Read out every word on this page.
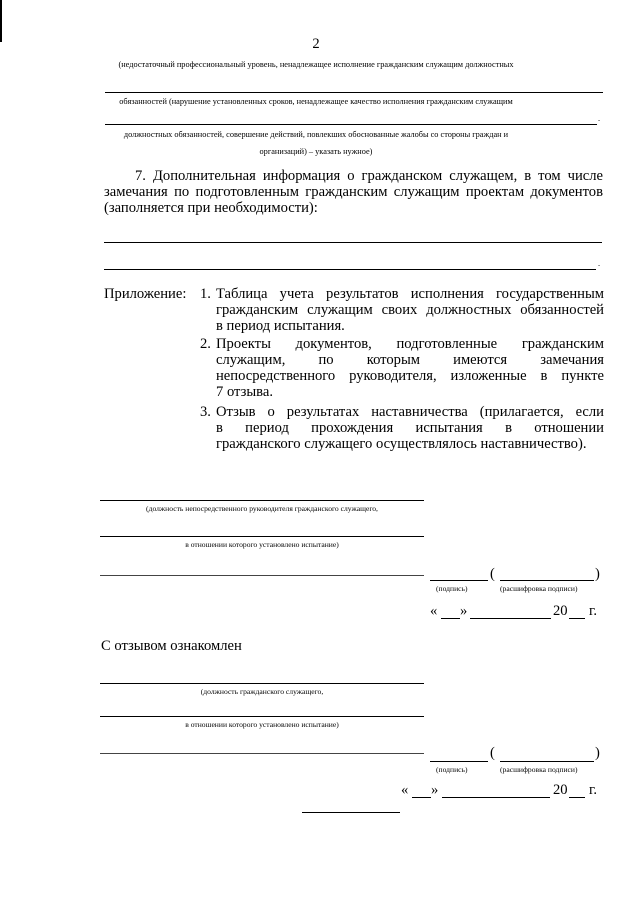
2
(недостаточный профессиональный уровень, ненадлежащее исполнение гражданским служащим должностных
обязанностей (нарушение установленных сроков, ненадлежащее качество исполнения гражданским служащим
.
должностных обязанностей, совершение действий, повлекших обоснованные жалобы со стороны граждан и
организаций) – указать нужное)
7. Дополнительная информация о гражданском служащем, в том числе
замечания по подготовленным гражданским служащим проектам документов
(заполняется при необходимости):
.
Приложение: 1. Таблица учета результатов исполнения государственным
гражданским служащим своих должностных обязанностей
в период испытания.
2. Проекты документов, подготовленные гражданским
служащим, по которым имеются замечания
непосредственного руководителя, изложенные в пункте
7 отзыва.
3. Отзыв о результатах наставничества (прилагается, если
в период прохождения испытания в отношении
гражданского служащего осуществлялось наставничество).
(должность непосредственного руководителя гражданского служащего,
в отношении которого установлено испытание)
(	)
(подпись)	(расшифровка подписи)
« »	20 г.
С отзывом ознакомлен
(должность гражданского служащего,
в отношении которого установлено испытание)
(	)
(подпись)	(расшифровка подписи)
« »	20 г.
